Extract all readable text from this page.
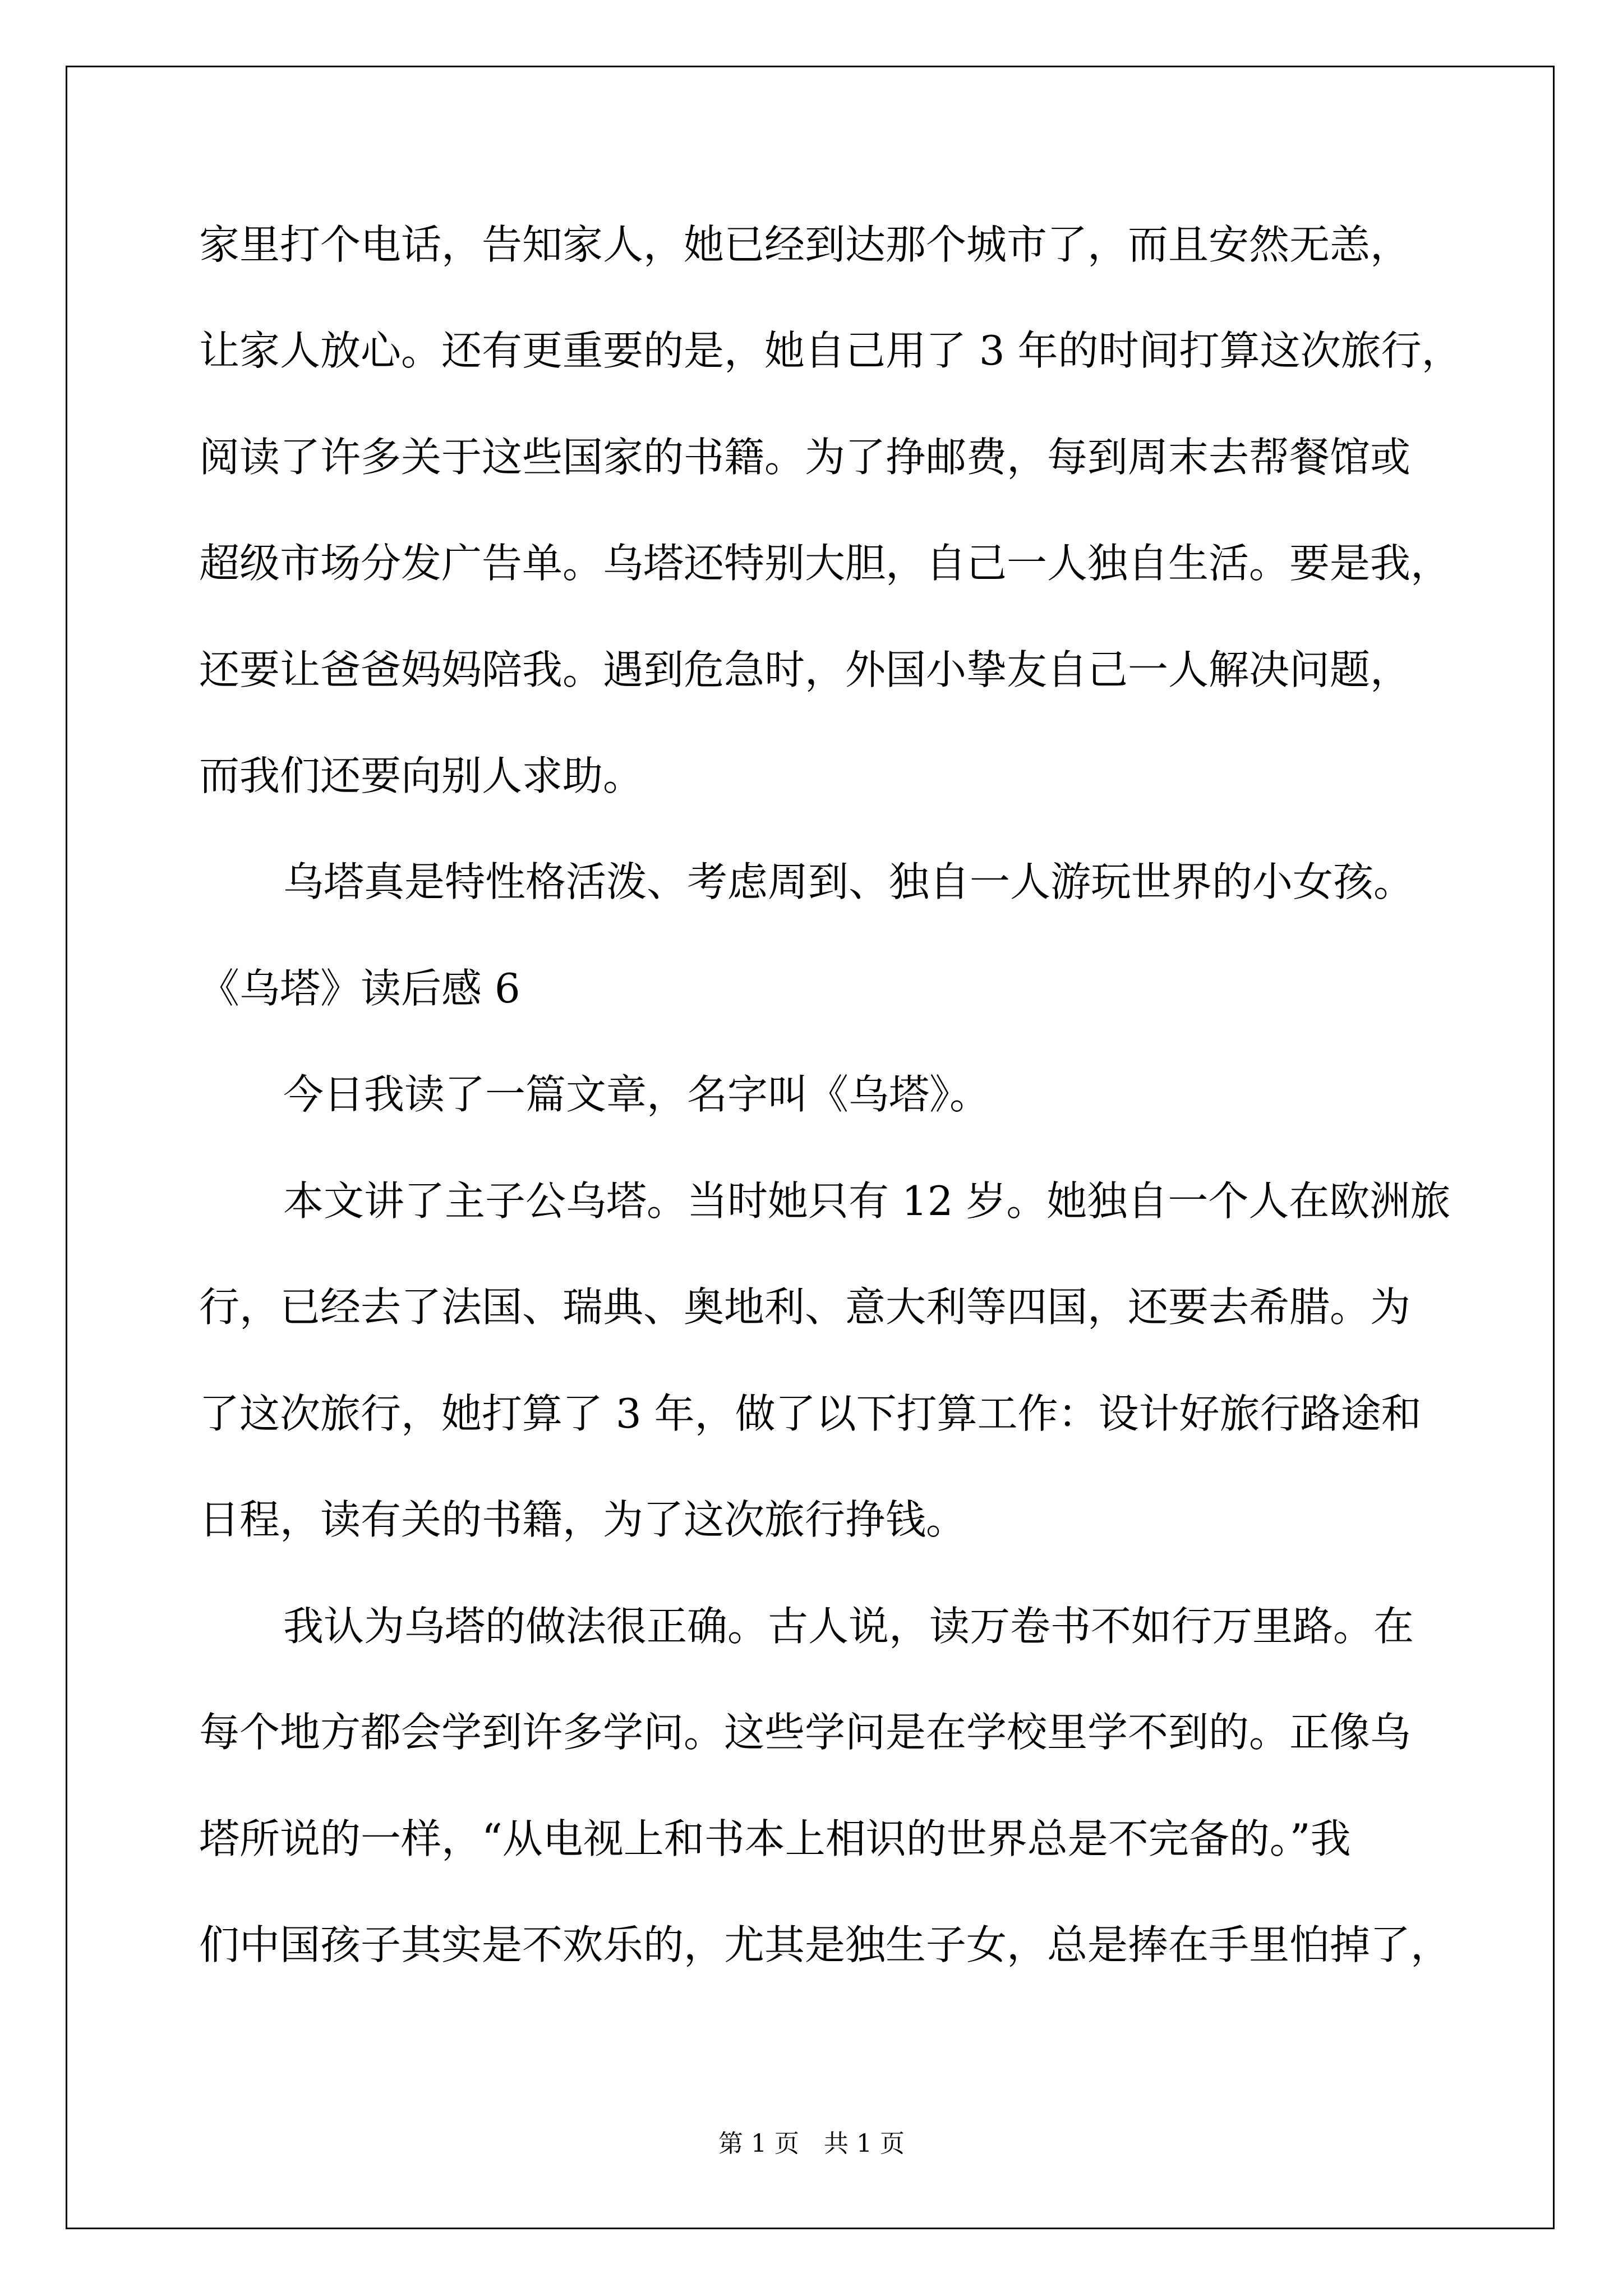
家里打个电话，告知家人，她已经到达那个城市了，而且安然无恙，
让家人放心。还有更重要的是，她自己用了 3 年的时间打算这次旅行，
阅读了许多关于这些国家的书籍。为了挣邮费，每到周末去帮餐馆或
超级市场分发广告单。乌塔还特别大胆，自己一人独自生活。要是我，
还要让爸爸妈妈陪我。遇到危急时，外国小挚友自己一人解决问题，
而我们还要向别人求助。
乌塔真是特性格活泼、考虑周到、独自一人游玩世界的小女孩。
《乌塔》读后感 6
今日我读了一篇文章，名字叫《乌塔》。
本文讲了主子公乌塔。当时她只有 12 岁。她独自一个人在欧洲旅
行，已经去了法国、瑞典、奥地利、意大利等四国，还要去希腊。为
了这次旅行，她打算了 3 年，做了以下打算工作：设计好旅行路途和
日程，读有关的书籍，为了这次旅行挣钱。
我认为乌塔的做法很正确。古人说，读万卷书不如行万里路。在
每个地方都会学到许多学问。这些学问是在学校里学不到的。正像乌
塔所说的一样，“从电视上和书本上相识的世界总是不完备的。”我
们中国孩子其实是不欢乐的，尤其是独生子女，总是捧在手里怕掉了，
第 1 页　共 1 页
